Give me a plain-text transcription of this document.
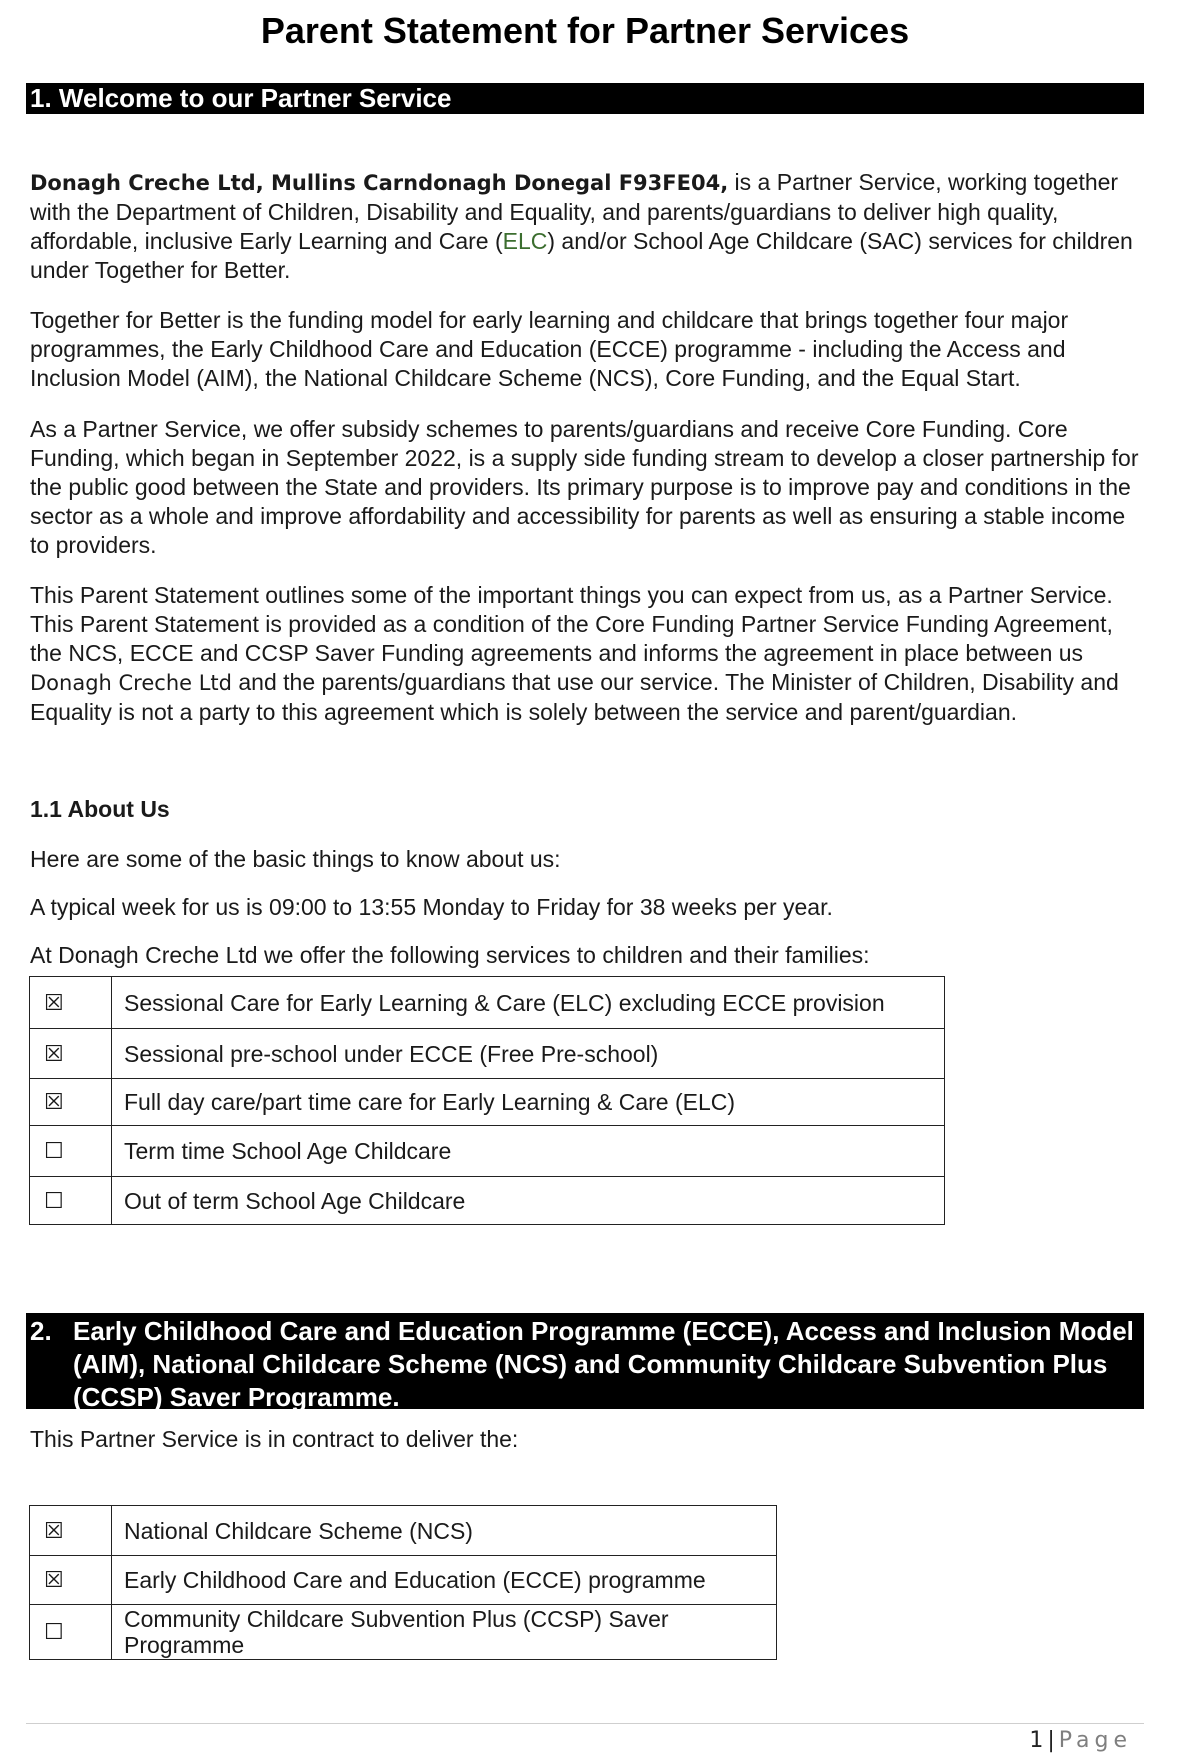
Parent Statement for Partner Services
1. Welcome to our Partner Service

Donagh Creche Ltd, Mullins Carndonagh Donegal F93FE04, is a Partner Service, working together with the Department of Children, Disability and Equality, and parents/guardians to deliver high quality, affordable, inclusive Early Learning and Care (ELC) and/or School Age Childcare (SAC) services for children under Together for Better.

Together for Better is the funding model for early learning and childcare that brings together four major programmes, the Early Childhood Care and Education (ECCE) programme - including the Access and Inclusion Model (AIM), the National Childcare Scheme (NCS), Core Funding, and the Equal Start.

As a Partner Service, we offer subsidy schemes to parents/guardians and receive Core Funding. Core Funding, which began in September 2022, is a supply side funding stream to develop a closer partnership for the public good between the State and providers. Its primary purpose is to improve pay and conditions in the sector as a whole and improve affordability and accessibility for parents as well as ensuring a stable income to providers.

This Parent Statement outlines some of the important things you can expect from us, as a Partner Service. This Parent Statement is provided as a condition of the Core Funding Partner Service Funding Agreement, the NCS, ECCE and CCSP Saver Funding agreements and informs the agreement in place between us Donagh Creche Ltd and the parents/guardians that use our service. The Minister of Children, Disability and Equality is not a party to this agreement which is solely between the service and parent/guardian.

1.1 About Us

Here are some of the basic things to know about us:

A typical week for us is 09:00 to 13:55 Monday to Friday for 38 weeks per year.

At Donagh Creche Ltd we offer the following services to children and their families:

☒	Sessional Care for Early Learning & Care (ELC) excluding ECCE provision
☒	Sessional pre-school under ECCE (Free Pre-school)
☒	Full day care/part time care for Early Learning & Care (ELC)
☐	Term time School Age Childcare
☐	Out of term School Age Childcare
2. Early Childhood Care and Education Programme (ECCE), Access and Inclusion Model (AIM), National Childcare Scheme (NCS) and Community Childcare Subvention Plus (CCSP) Saver Programme.

This Partner Service is in contract to deliver the:

☒	National Childcare Scheme (NCS)
☒	Early Childhood Care and Education (ECCE) programme
☐	Community Childcare Subvention Plus (CCSP) Saver Programme
1 | Page
